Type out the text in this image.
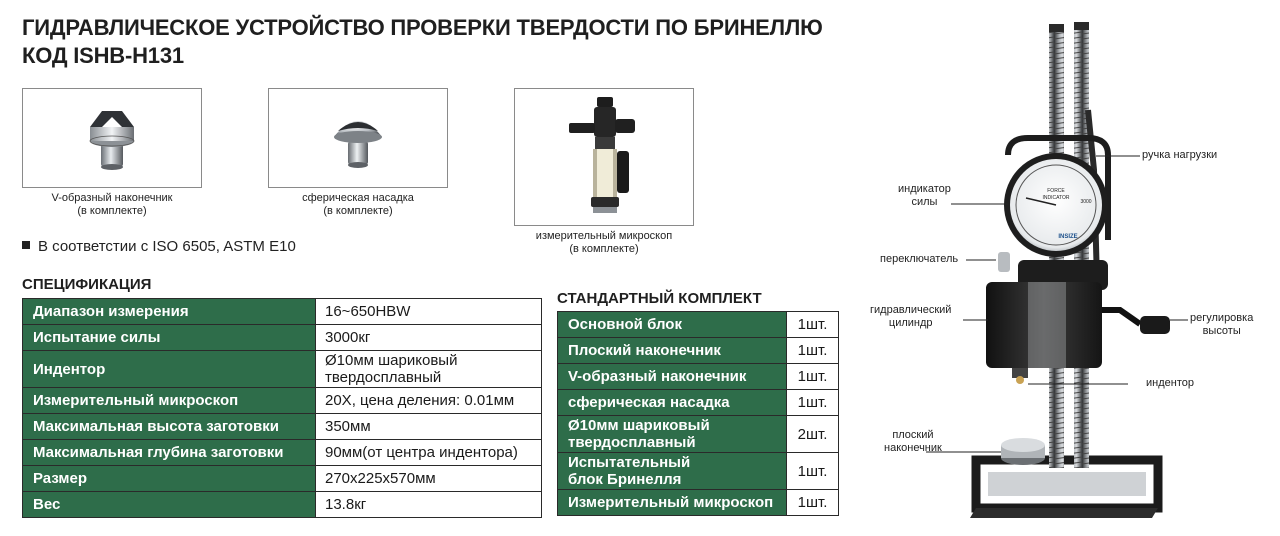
ГИДРАВЛИЧЕСКОЕ УСТРОЙСТВО ПРОВЕРКИ ТВЕРДОСТИ ПО БРИНЕЛЛЮ
КОД ISHB-H131
V-образный наконечник
(в комплекте)
сферическая насадка
(в комплекте)
измерительный микроскоп
(в комплекте)
В соответстии с ISO 6505, ASTM E10
СПЕЦИФИКАЦИЯ
Диапазон измерения	16~650HBW
Испытание силы	3000кг
Индентор	Ø10мм шариковый
твердосплавный
Измерительный микроскоп	20X, цена деления: 0.01мм
Максимальная высота заготовки	350мм
Максимальная глубина заготовки	90мм(от центра индентора)
Размер	270x225x570мм
Вес	13.8кг
СТАНДАРТНЫЙ КОМПЛЕКТ
Основной блок	1шт.
Плоский наконечник	1шт.
V-образный наконечник	1шт.
сферическая насадка	1шт.
Ø10мм шариковый
твердосплавный	2шт.
Испытательный
блок Бринелля	1шт.
Измерительный микроскоп	1шт.
FORCE
INDICATOR
3000
INSIZE
ручка нагрузки
индикатор
силы
переключатель
гидравлический
цилиндр	регулировка
высоты
индентор
плоский
наконечник
